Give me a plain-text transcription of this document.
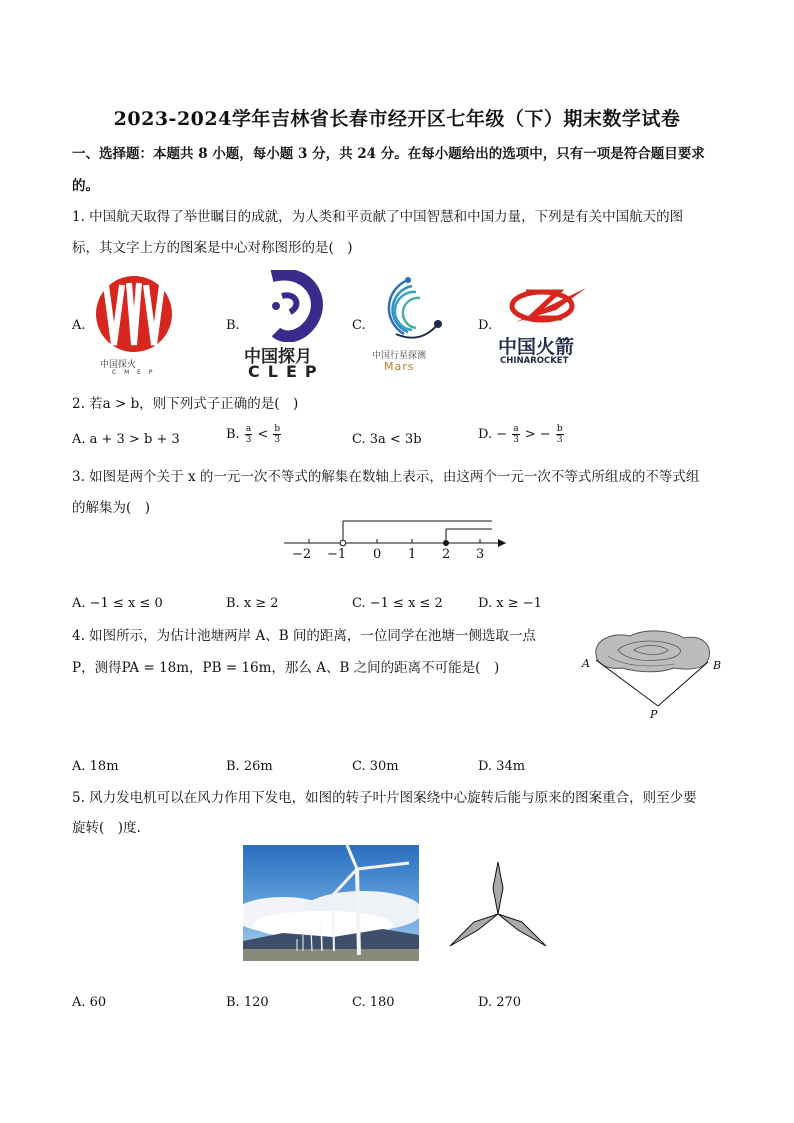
2023-2024学年吉林省长春市经开区七年级（下）期末数学试卷
一、选择题：本题共 8 小题，每小题 3 分，共 24 分。在每小题给出的选项中，只有一项是符合题目要求
的。
1. 中国航天取得了举世瞩目的成就，为人类和平贡献了中国智慧和中国力量，下列是有关中国航天的图
标，其文字上方的图案是中心对称图形的是(　)
A.
中国探火
C M E P
B.
中国探月
CLEP
C.
中国行星探测
Mars
D.
中国火箭
CHINAROCKET
2. 若a > b，则下列式子正确的是(　)
A. a + 3 > b + 3	B. $\frac{a}{3} < \frac{b}{3}$	C. 3a < 3b	D. − $\frac{a}{3}$ > − $\frac{b}{3}$
3. 如图是两个关于 x 的一元一次不等式的解集在数轴上表示，由这两个一元一次不等式所组成的不等式组
的解集为(　)
−2 −1 0 1 2 3
A. −1 ≤ x ≤ 0	B. x ≥ 2	C. −1 ≤ x ≤ 2	D. x ≥ −1
4. 如图所示，为估计池塘两岸 A、B 间的距离，一位同学在池塘一侧选取一点
P，测得PA = 18m，PB = 16m，那么 A、B 之间的距离不可能是(　)	A	B
P
A. 18m	B. 26m	C. 30m	D. 34m
5. 风力发电机可以在风力作用下发电，如图的转子叶片图案绕中心旋转后能与原来的图案重合，则至少要
旋转(　)度.
A. 60	B. 120	C. 180	D. 270
